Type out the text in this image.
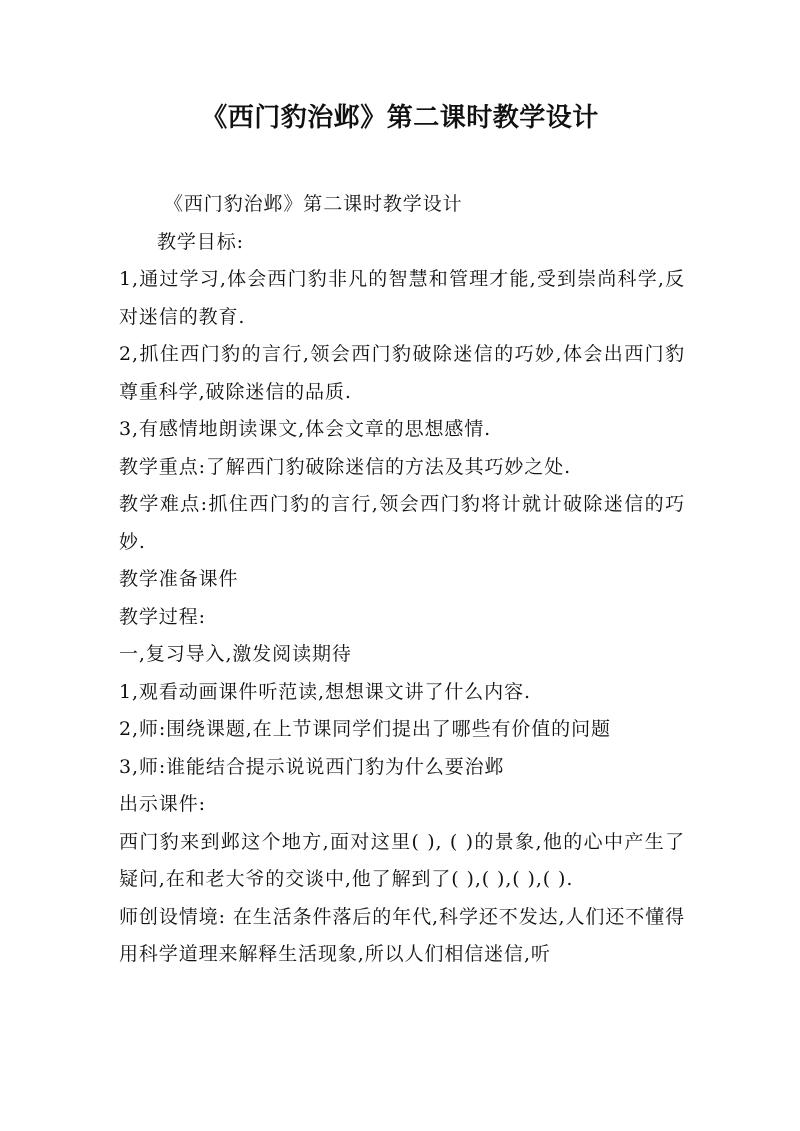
《西门豹治邺》第二课时教学设计

《西门豹治邺》第二课时教学设计

教学目标:

1,通过学习,体会西门豹非凡的智慧和管理才能,受到崇尚科学,反对迷信的教育.

2,抓住西门豹的言行,领会西门豹破除迷信的巧妙,体会出西门豹尊重科学,破除迷信的品质.

3,有感情地朗读课文,体会文章的思想感情.

教学重点:了解西门豹破除迷信的方法及其巧妙之处.

教学难点:抓住西门豹的言行,领会西门豹将计就计破除迷信的巧妙.

教学准备课件

教学过程:

一,复习导入,激发阅读期待

1,观看动画课件听范读,想想课文讲了什么内容.

2,师:围绕课题,在上节课同学们提出了哪些有价值的问题

3,师:谁能结合提示说说西门豹为什么要治邺

出示课件:

西门豹来到邺这个地方,面对这里( ), ( )的景象,他的心中产生了疑问,在和老大爷的交谈中,他了解到了( ),( ),( ),( ).

师创设情境: 在生活条件落后的年代,科学还不发达,人们还不懂得用科学道理来解释生活现象,所以人们相信迷信,听
